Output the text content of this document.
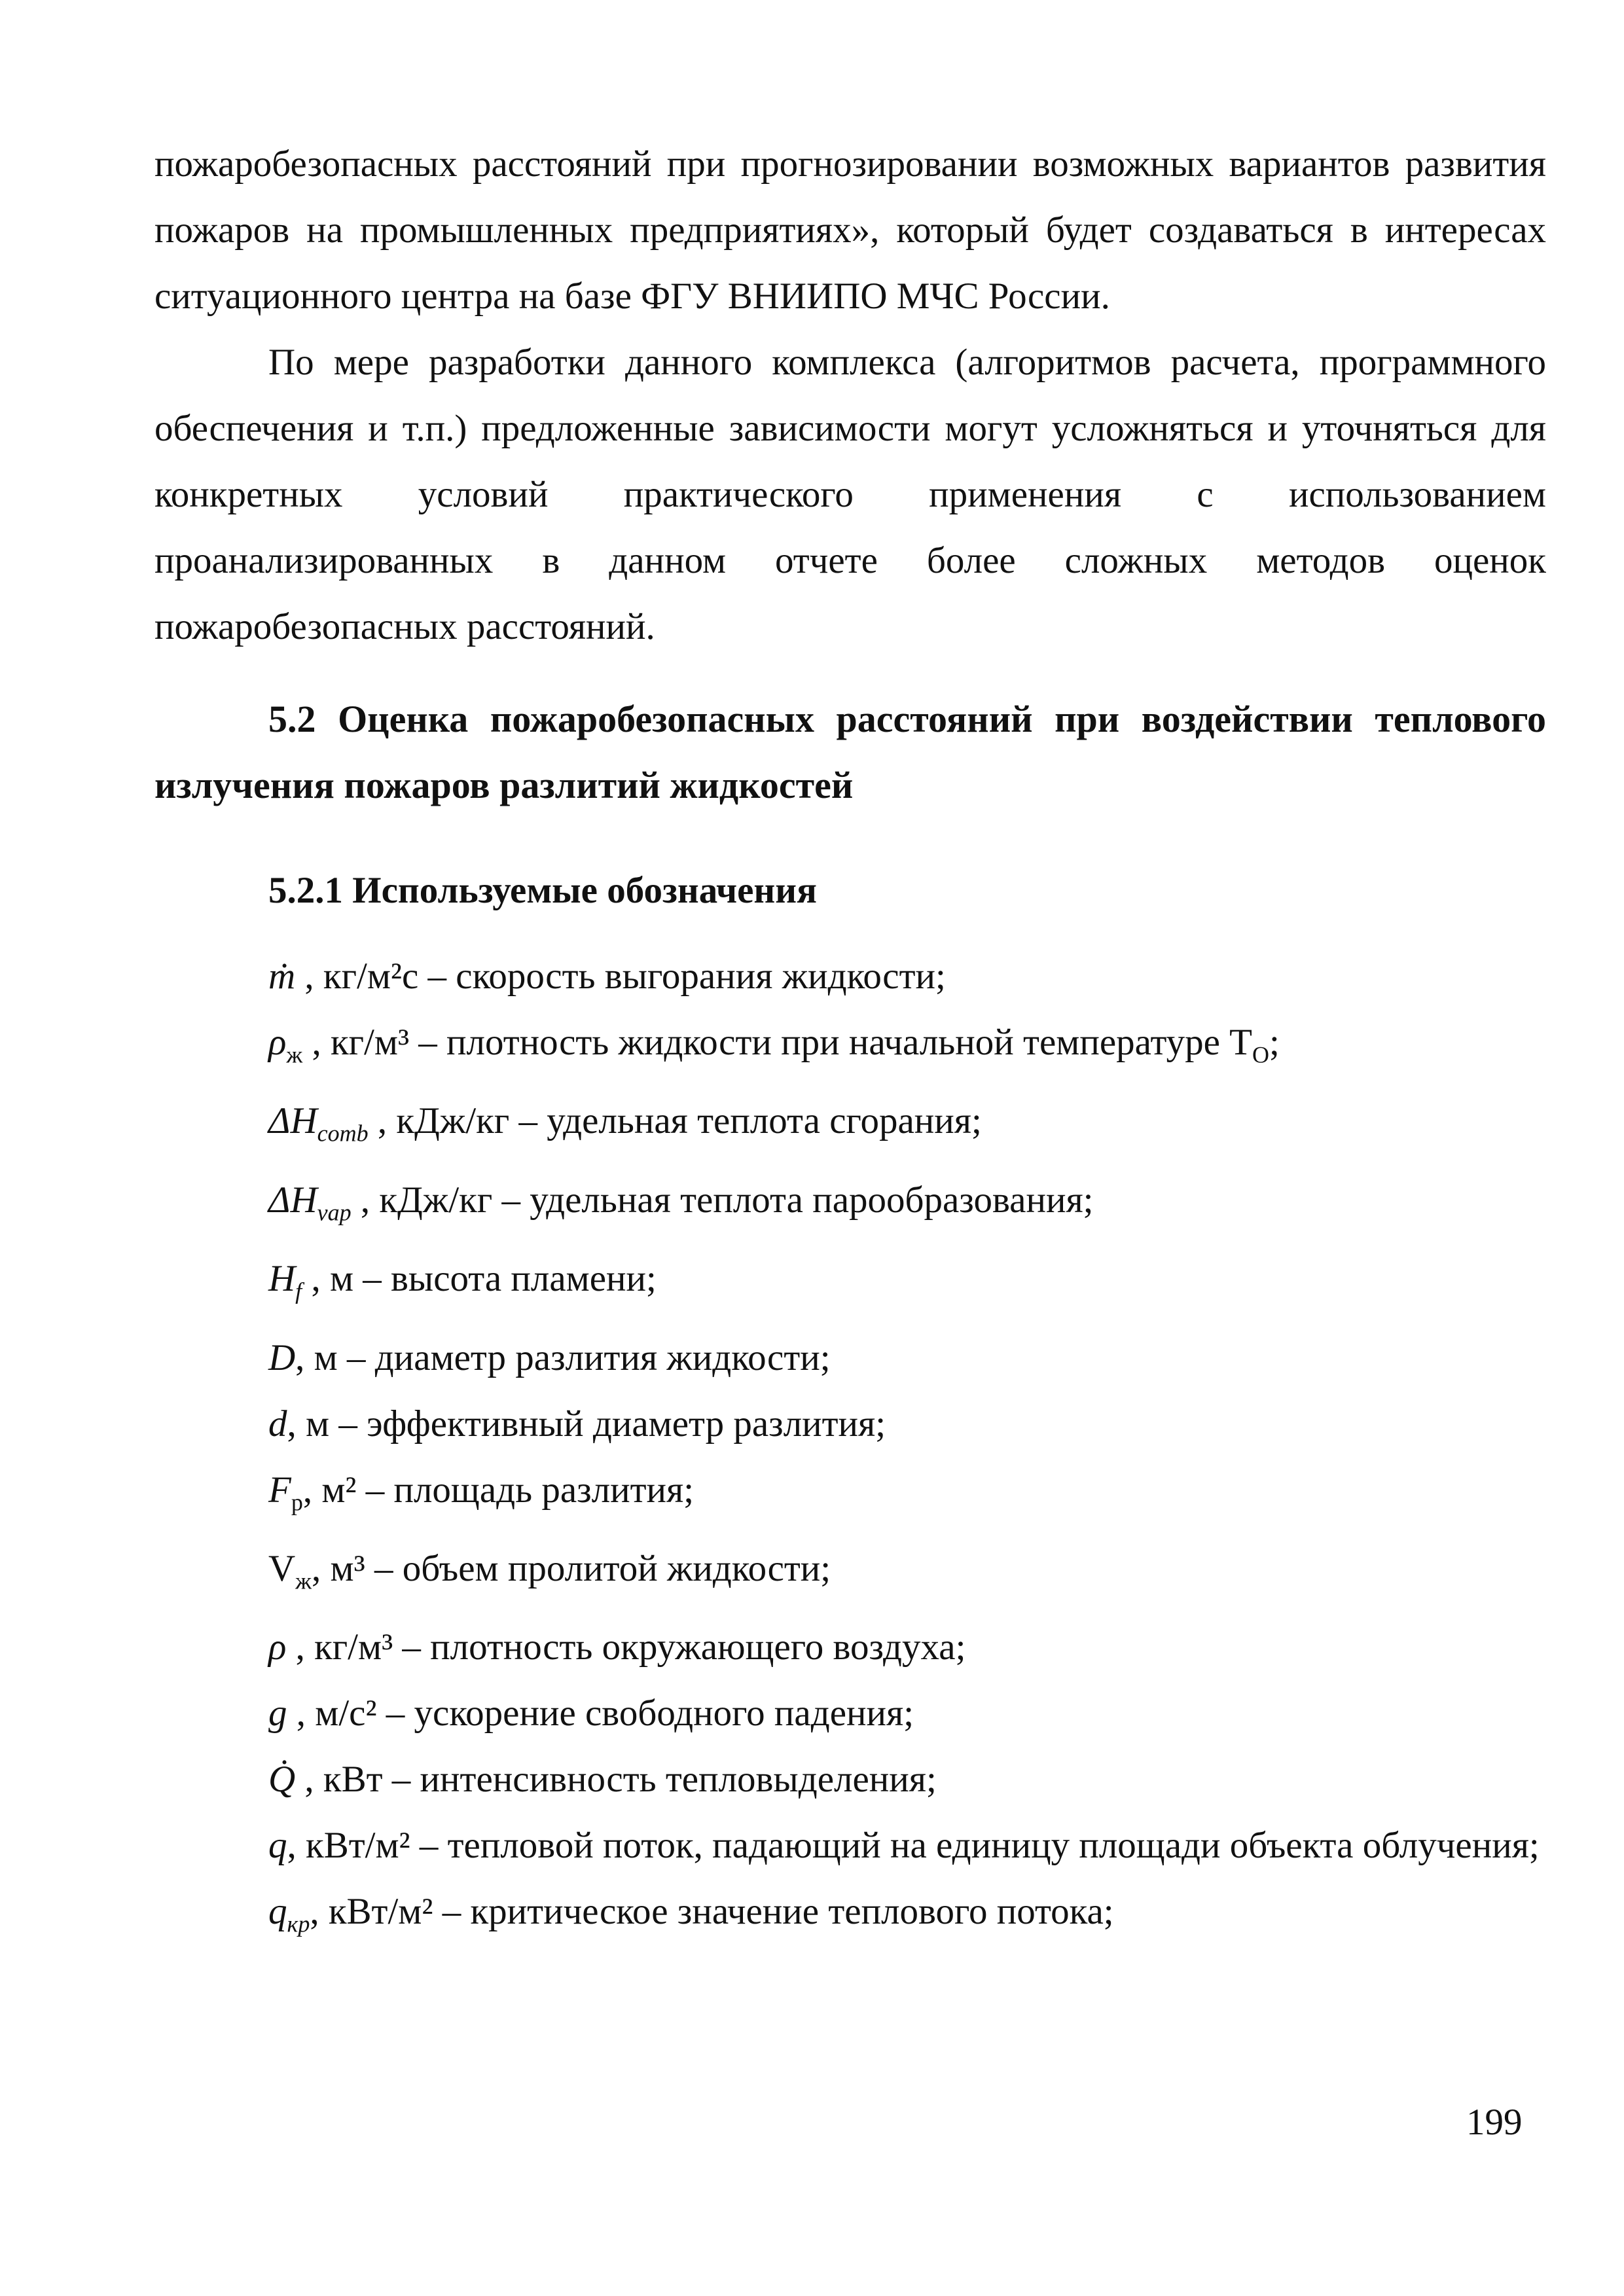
пожаробезопасных расстояний при прогнозировании возможных вариантов развития пожаров на промышленных предприятиях», который будет создаваться в интересах ситуационного центра на базе ФГУ ВНИИПО МЧС России.

По мере разработки данного комплекса (алгоритмов расчета, программного обеспечения и т.п.) предложенные зависимости могут усложняться и уточняться для конкретных условий практического применения с использованием проанализированных в данном отчете более сложных методов оценок пожаробезопасных расстояний.

5.2 Оценка пожаробезопасных расстояний при воздействии теплового излучения пожаров разлитий жидкостей
5.2.1 Используемые обозначения

ṁ , кг/м²с – скорость выгорания жидкости;

$\rho_ж$ , кг/м³ – плотность жидкости при начальной температуре $T_O$;

$\Delta H_{comb}$ , кДж/кг – удельная теплота сгорания;

$\Delta H_{vap}$ , кДж/кг – удельная теплота парообразования;

$H_f$ , м – высота пламени;

D, м – диаметр разлития жидкости;

d, м – эффективный диаметр разлития;

$F_р$, м² – площадь разлития;

$V_ж$, м³ – объем пролитой жидкости;

ρ , кг/м³ – плотность окружающего воздуха;

g , м/с² – ускорение свободного падения;

Q̇ , кВт – интенсивность тепловыделения;

q, кВт/м² – тепловой поток, падающий на единицу площади объекта облучения;

$q_{кр}$, кВт/м² – критическое значение теплового потока;

199
